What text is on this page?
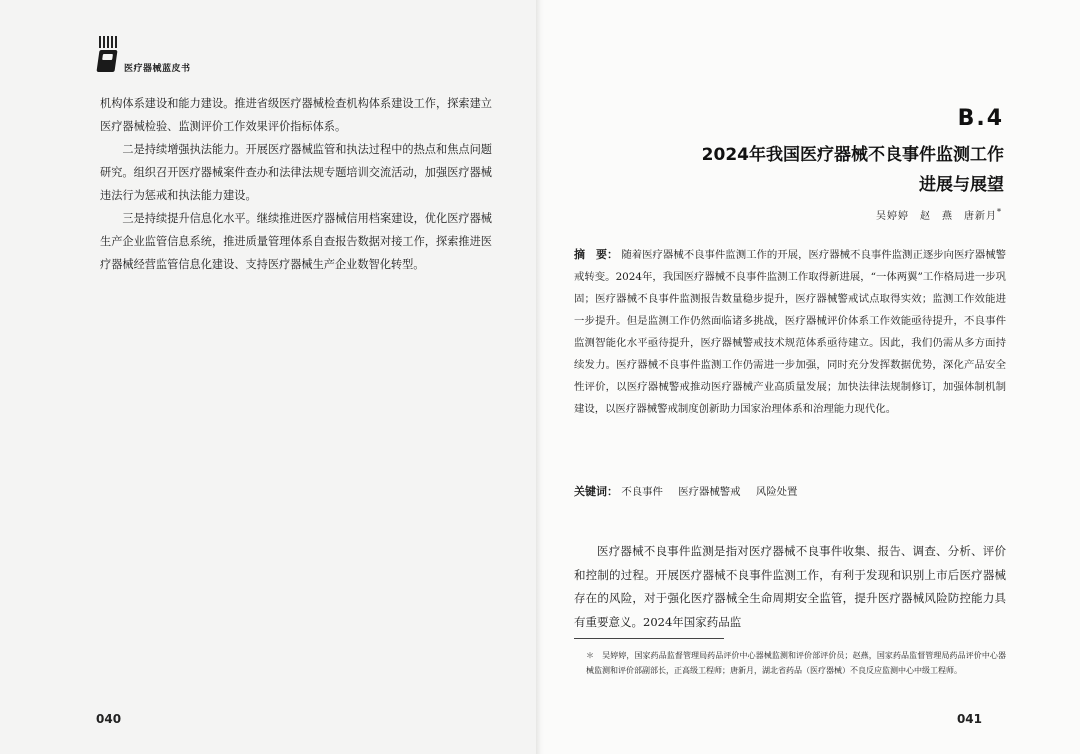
医疗器械蓝皮书

机构体系建设和能力建设。推进省级医疗器械检查机构体系建设工作，探索建立医疗器械检验、监测评价工作效果评价指标体系。

二是持续增强执法能力。开展医疗器械监管和执法过程中的热点和焦点问题研究。组织召开医疗器械案件查办和法律法规专题培训交流活动，加强医疗器械违法行为惩戒和执法能力建设。

三是持续提升信息化水平。继续推进医疗器械信用档案建设，优化医疗器械生产企业监管信息系统，推进质量管理体系自查报告数据对接工作，探索推进医疗器械经营监管信息化建设、支持医疗器械生产企业数智化转型。

040
B.4
2024年我国医疗器械不良事件监测工作
进展与展望
吴婷婷　赵　燕　唐新月*
摘　要： 随着医疗器械不良事件监测工作的开展，医疗器械不良事件监测正逐步向医疗器械警戒转变。2024年，我国医疗器械不良事件监测工作取得新进展，“一体两翼”工作格局进一步巩固；医疗器械不良事件监测报告数量稳步提升，医疗器械警戒试点取得实效；监测工作效能进一步提升。但是监测工作仍然面临诸多挑战，医疗器械评价体系工作效能亟待提升，不良事件监测智能化水平亟待提升，医疗器械警戒技术规范体系亟待建立。因此，我们仍需从多方面持续发力。医疗器械不良事件监测工作仍需进一步加强，同时充分发挥数据优势，深化产品安全性评价，以医疗器械警戒推动医疗器械产业高质量发展；加快法律法规制修订，加强体制机制建设，以医疗器械警戒制度创新助力国家治理体系和治理能力现代化。
关键词： 不良事件 医疗器械警戒 风险处置

医疗器械不良事件监测是指对医疗器械不良事件收集、报告、调查、分析、评价和控制的过程。开展医疗器械不良事件监测工作，有利于发现和识别上市后医疗器械存在的风险，对于强化医疗器械全生命周期安全监管，提升医疗器械风险防控能力具有重要意义。2024年国家药品监

＊　吴婷婷，国家药品监督管理局药品评价中心器械监测和评价部评价员；赵燕，国家药品监督管理局药品评价中心器械监测和评价部副部长，正高级工程师；唐新月，湖北省药品（医疗器械）不良反应监测中心中级工程师。
041
